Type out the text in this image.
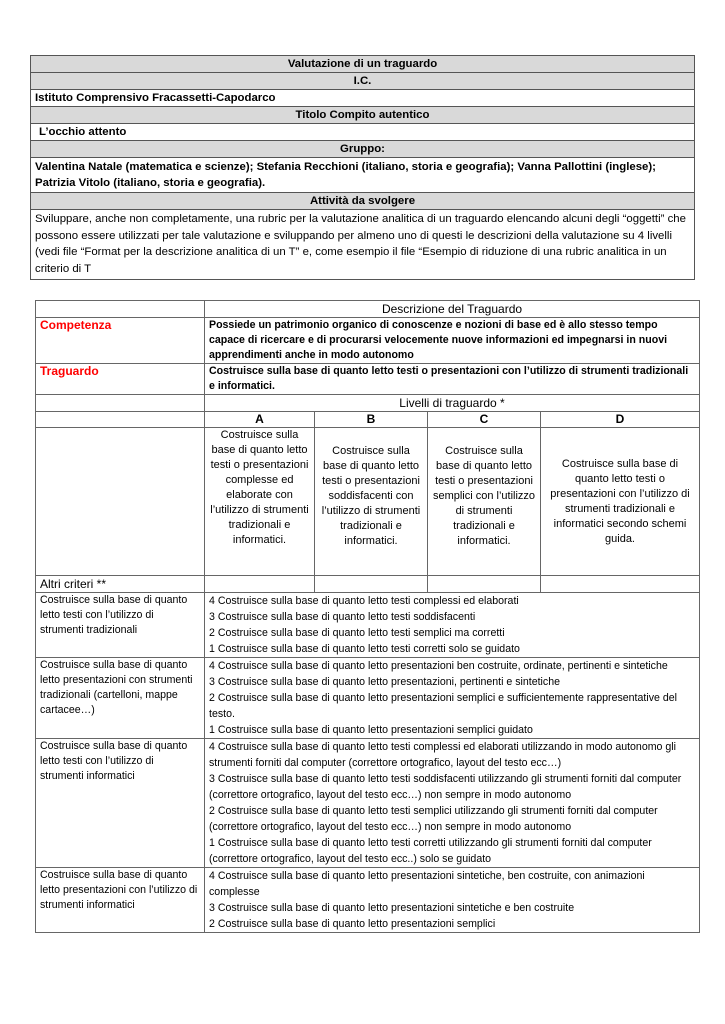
Valutazione di un traguardo
I.C.
Istituto Comprensivo Fracassetti-Capodarco
Titolo Compito autentico
L’occhio attento
Gruppo:
Valentina Natale (matematica e scienze); Stefania Recchioni (italiano, storia e geografia); Vanna Pallottini (inglese); Patrizia Vitolo (italiano, storia e geografia).
Attività da svolgere
Sviluppare, anche non completamente, una rubric per la valutazione analitica di un traguardo elencando alcuni degli “oggetti” che possono essere utilizzati per tale valutazione e sviluppando per almeno uno di questi le descrizioni della valutazione su 4 livelli (vedi file “Format per la descrizione analitica di un T” e, come esempio il file “Esempio di riduzione di una rubric analitica in un criterio di T
	Descrizione del Traguardo			
Competenza	Possiede un patrimonio organico di conoscenze e nozioni di base ed è allo stesso tempo capace di ricercare e di procurarsi velocemente nuove informazioni ed impegnarsi in nuovi apprendimenti anche in modo autonomo			
Traguardo	Costruisce sulla base di quanto letto testi o presentazioni con l’utilizzo di strumenti tradizionali e informatici.			
	Livelli di traguardo *			
	A	B	C	D
	Costruisce sulla base di quanto letto testi o presentazioni complesse ed elaborate con l’utilizzo di strumenti tradizionali e informatici.	Costruisce sulla base di quanto letto testi o presentazioni soddisfacenti con l’utilizzo di strumenti tradizionali e informatici.	Costruisce sulla base di quanto letto testi o presentazioni semplici con l’utilizzo di strumenti tradizionali e informatici.	Costruisce sulla base di quanto letto testi o presentazioni con l’utilizzo di strumenti tradizionali e informatici secondo schemi guida.
Altri criteri **				
Costruisce sulla base di quanto letto testi con l’utilizzo di strumenti tradizionali	4 Costruisce sulla base di quanto letto testi complessi ed elaborati
3 Costruisce sulla base di quanto letto testi soddisfacenti
2 Costruisce sulla base di quanto letto testi semplici ma corretti
1 Costruisce sulla base di quanto letto testi corretti solo se guidato			

Costruisce sulla base di quanto letto presentazioni con strumenti tradizionali (cartelloni, mappe cartacee…)	4 Costruisce sulla base di quanto letto presentazioni ben costruite, ordinate, pertinenti e sintetiche
3 Costruisce sulla base di quanto letto presentazioni, pertinenti e sintetiche
2 Costruisce sulla base di quanto letto presentazioni semplici e sufficientemente rappresentative del testo.
1 Costruisce sulla base di quanto letto presentazioni semplici guidato			

Costruisce sulla base di quanto letto testi con l’utilizzo di strumenti informatici	4 Costruisce sulla base di quanto letto testi complessi ed elaborati utilizzando in modo autonomo gli strumenti forniti dal computer (correttore ortografico, layout del testo ecc…)
3 Costruisce sulla base di quanto letto testi soddisfacenti utilizzando gli strumenti forniti dal computer (correttore ortografico, layout del testo ecc…) non sempre in modo autonomo
2 Costruisce sulla base di quanto letto testi semplici utilizzando gli strumenti forniti dal computer (correttore ortografico, layout del testo ecc…) non sempre in modo autonomo
1 Costruisce sulla base di quanto letto testi corretti utilizzando gli strumenti forniti dal computer (correttore ortografico, layout del testo ecc..) solo se guidato			

Costruisce sulla base di quanto letto presentazioni con l’utilizzo di strumenti informatici	4 Costruisce sulla base di quanto letto presentazioni sintetiche, ben costruite, con animazioni complesse
3 Costruisce sulla base di quanto letto presentazioni sintetiche e ben costruite
2 Costruisce sulla base di quanto letto presentazioni semplici			
